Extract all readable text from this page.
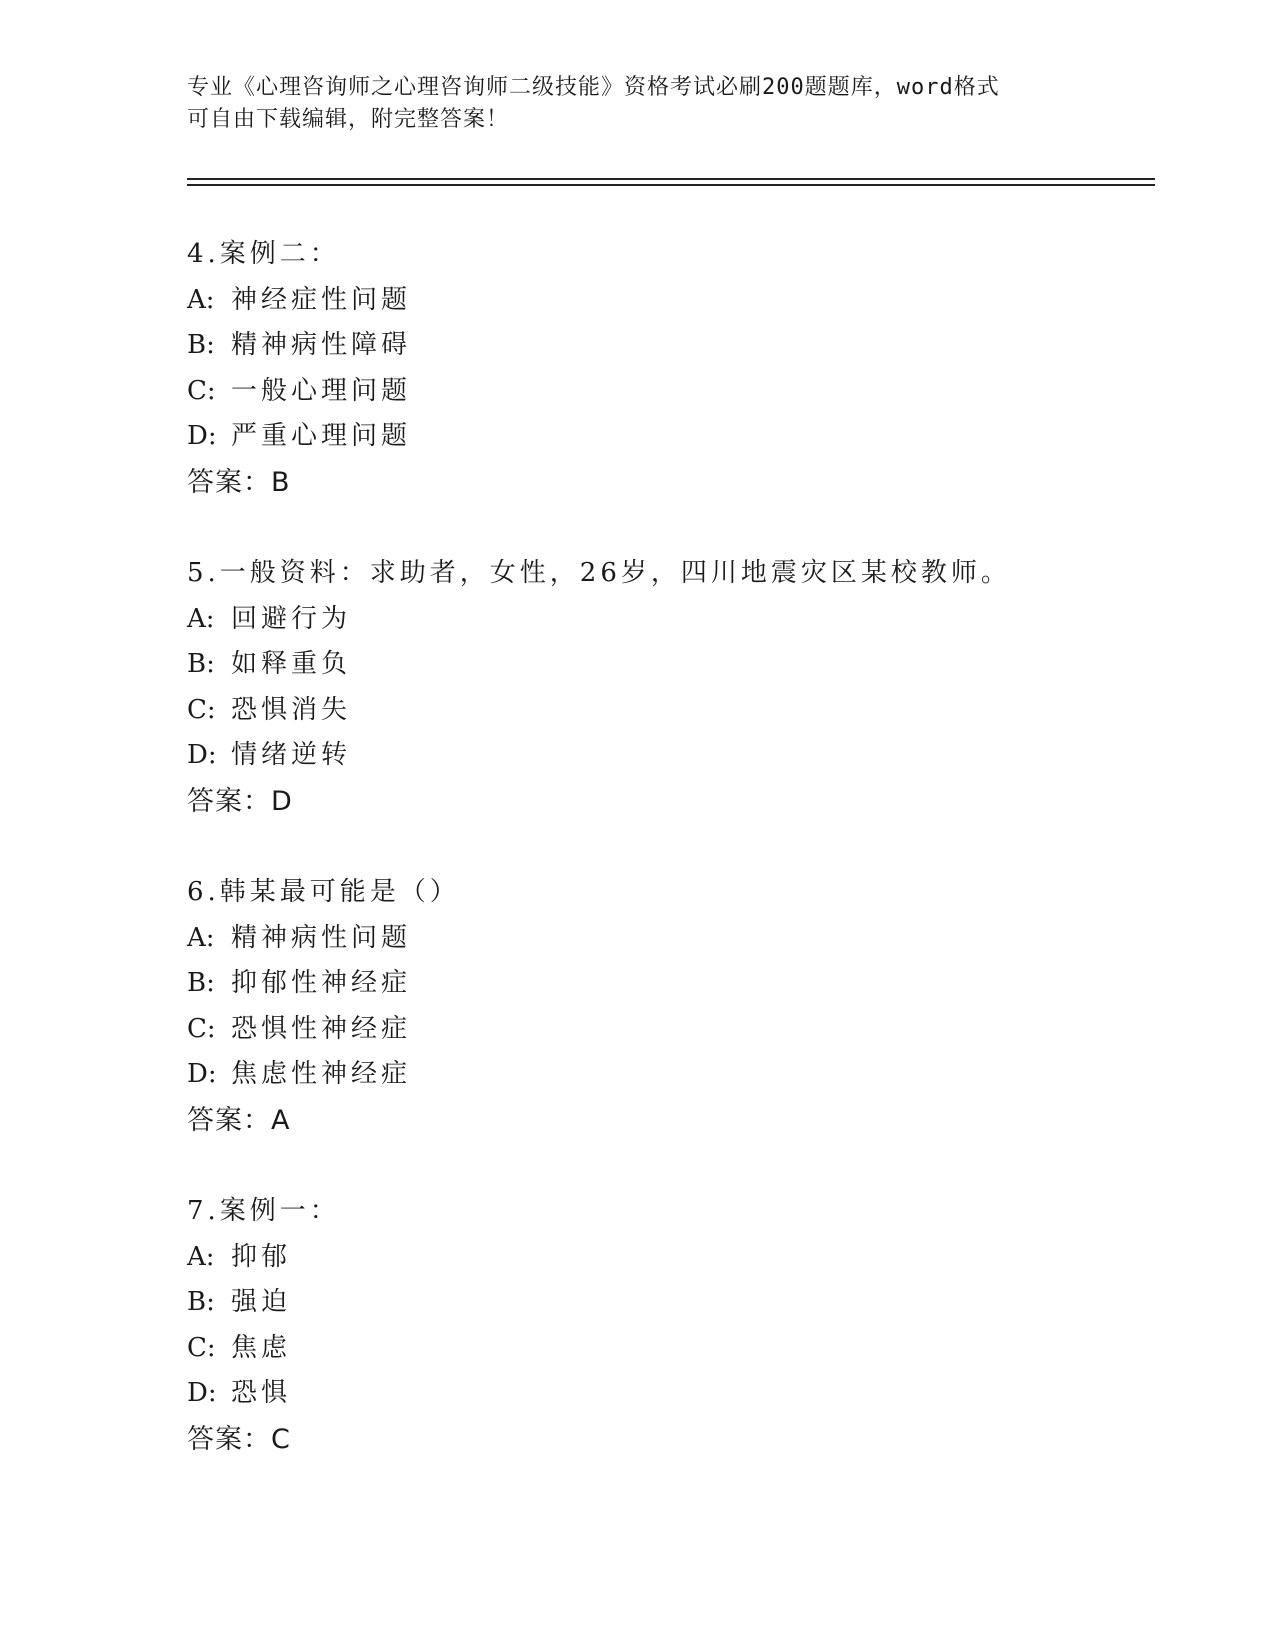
专业《心理咨询师之心理咨询师二级技能》资格考试必刷200题题库，word格式
可自由下载编辑，附完整答案！
4.案例二：
A: 神经症性问题
B: 精神病性障碍
C: 一般心理问题
D: 严重心理问题
答案：B
5.一般资料：求助者，女性，26岁，四川地震灾区某校教师。
A: 回避行为
B: 如释重负
C: 恐惧消失
D: 情绪逆转
答案：D
6.韩某最可能是（）
A: 精神病性问题
B: 抑郁性神经症
C: 恐惧性神经症
D: 焦虑性神经症
答案：A
7.案例一：
A: 抑郁
B: 强迫
C: 焦虑
D: 恐惧
答案：C
